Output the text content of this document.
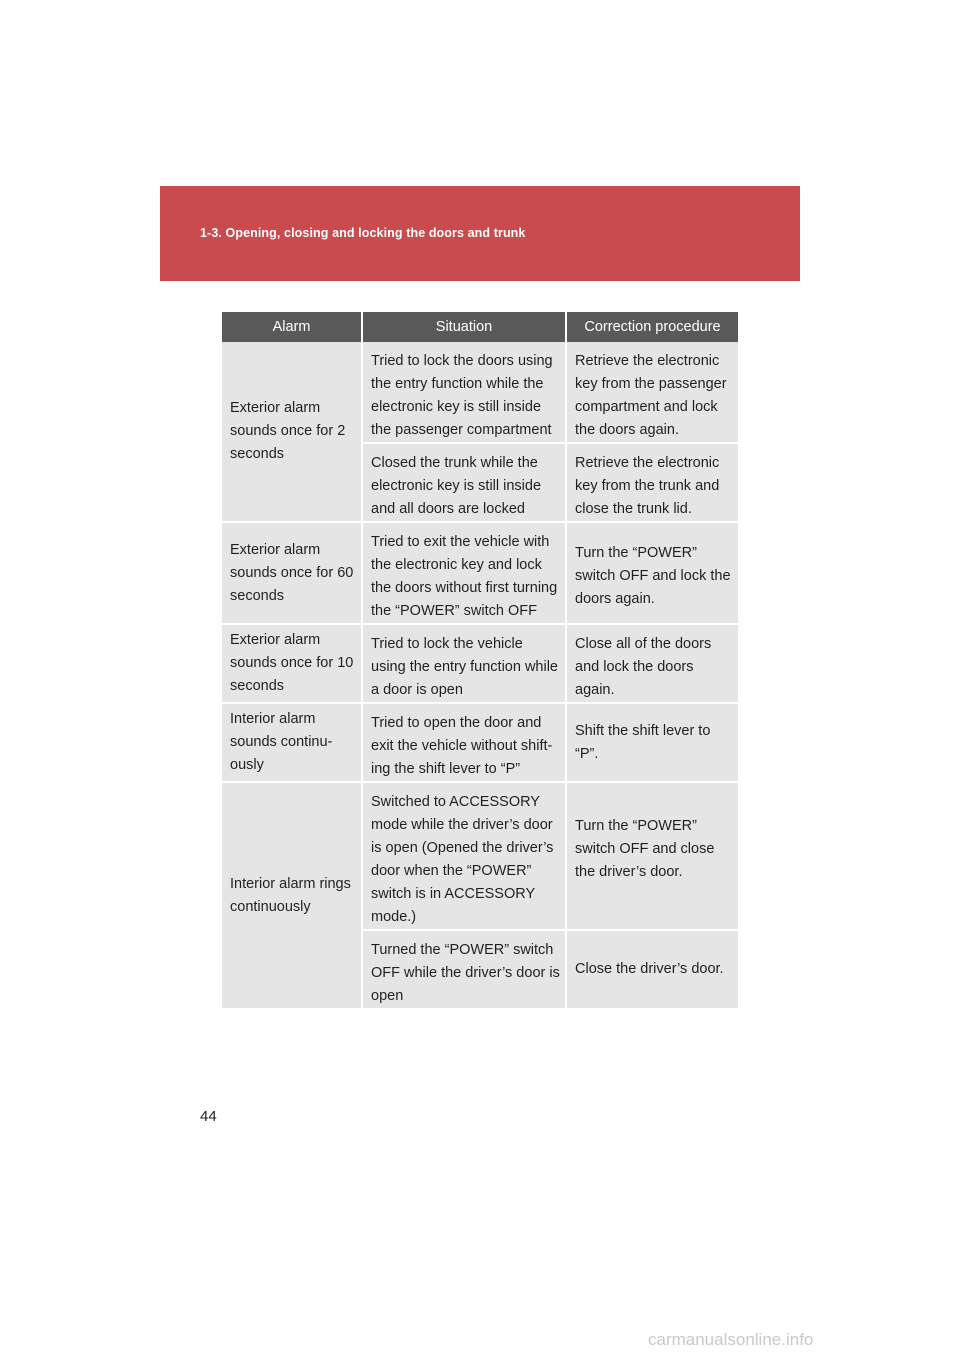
1-3. Opening, closing and locking the doors and trunk
Alarm	Situation	Correction procedure
Exterior alarm sounds once for 2 seconds	Tried to lock the doors using the entry function while the electronic key is still inside the passenger compartment	Retrieve the electronic key from the passenger compartment and lock the doors again.
	Closed the trunk while the electronic key is still inside and all doors are locked	Retrieve the electronic key from the trunk and close the trunk lid.
Exterior alarm sounds once for 60 seconds	Tried to exit the vehicle with the electronic key and lock the doors without first turning the “POWER” switch OFF	Turn the “POWER” switch OFF and lock the doors again.
Exterior alarm sounds once for 10 seconds	Tried to lock the vehicle using the entry function while a door is open	Close all of the doors and lock the doors again.
Interior alarm sounds continu-ously	Tried to open the door and exit the vehicle without shift-ing the shift lever to “P”	Shift the shift lever to “P”.
Interior alarm rings continuously	Switched to ACCESSORY mode while the driver’s door is open (Opened the driver’s door when the “POWER” switch is in ACCESSORY mode.)	Turn the “POWER” switch OFF and close the driver’s door.
	Turned the “POWER” switch OFF while the driver’s door is open	Close the driver’s door.
44
carmanualsonline.info
